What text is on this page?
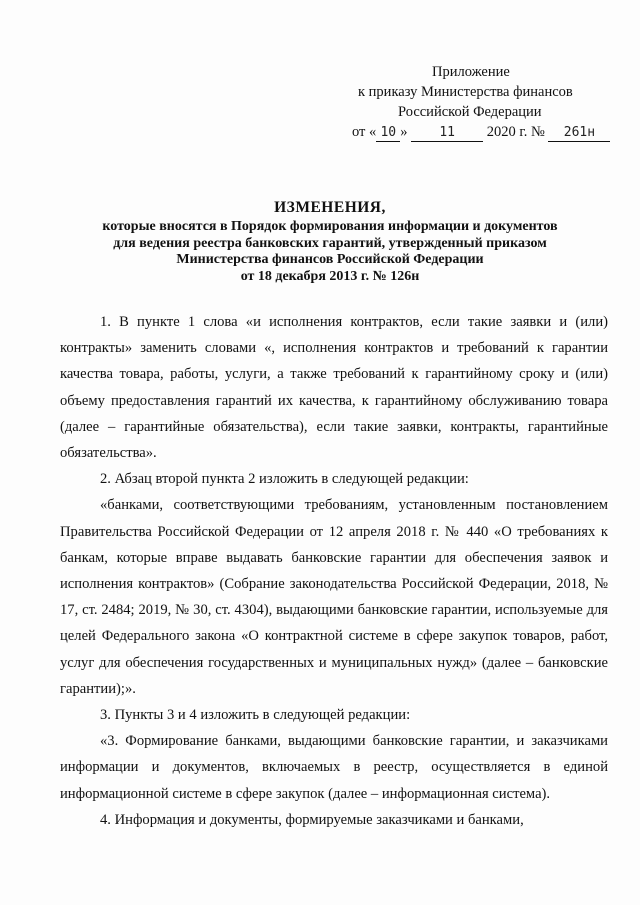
Приложение
к приказу Министерства финансов
Российской Федерации
от « 10 » 11 2020 г. № 261н
ИЗМЕНЕНИЯ,
которые вносятся в Порядок формирования информации и документов
для ведения реестра банковских гарантий, утвержденный приказом
Министерства финансов Российской Федерации
от 18 декабря 2013 г. № 126н

1. В пункте 1 слова «и исполнения контрактов, если такие заявки и (или) контракты» заменить словами «, исполнения контрактов и требований к гарантии качества товара, работы, услуги, а также требований к гарантийному сроку и (или) объему предоставления гарантий их качества, к гарантийному обслуживанию товара (далее – гарантийные обязательства), если такие заявки, контракты, гарантийные обязательства».

2. Абзац второй пункта 2 изложить в следующей редакции:

«банками, соответствующими требованиям, установленным постановлением Правительства Российской Федерации от 12 апреля 2018 г. № 440 «О требованиях к банкам, которые вправе выдавать банковские гарантии для обеспечения заявок и исполнения контрактов» (Собрание законодательства Российской Федерации, 2018, № 17, ст. 2484; 2019, № 30, ст. 4304), выдающими банковские гарантии, используемые для целей Федерального закона «О контрактной системе в сфере закупок товаров, работ, услуг для обеспечения государственных и муниципальных нужд» (далее – банковские гарантии);».

3. Пункты 3 и 4 изложить в следующей редакции:

«3. Формирование банками, выдающими банковские гарантии, и заказчиками информации и документов, включаемых в реестр, осуществляется в единой информационной системе в сфере закупок (далее – информационная система).

4. Информация и документы, формируемые заказчиками и банками,
